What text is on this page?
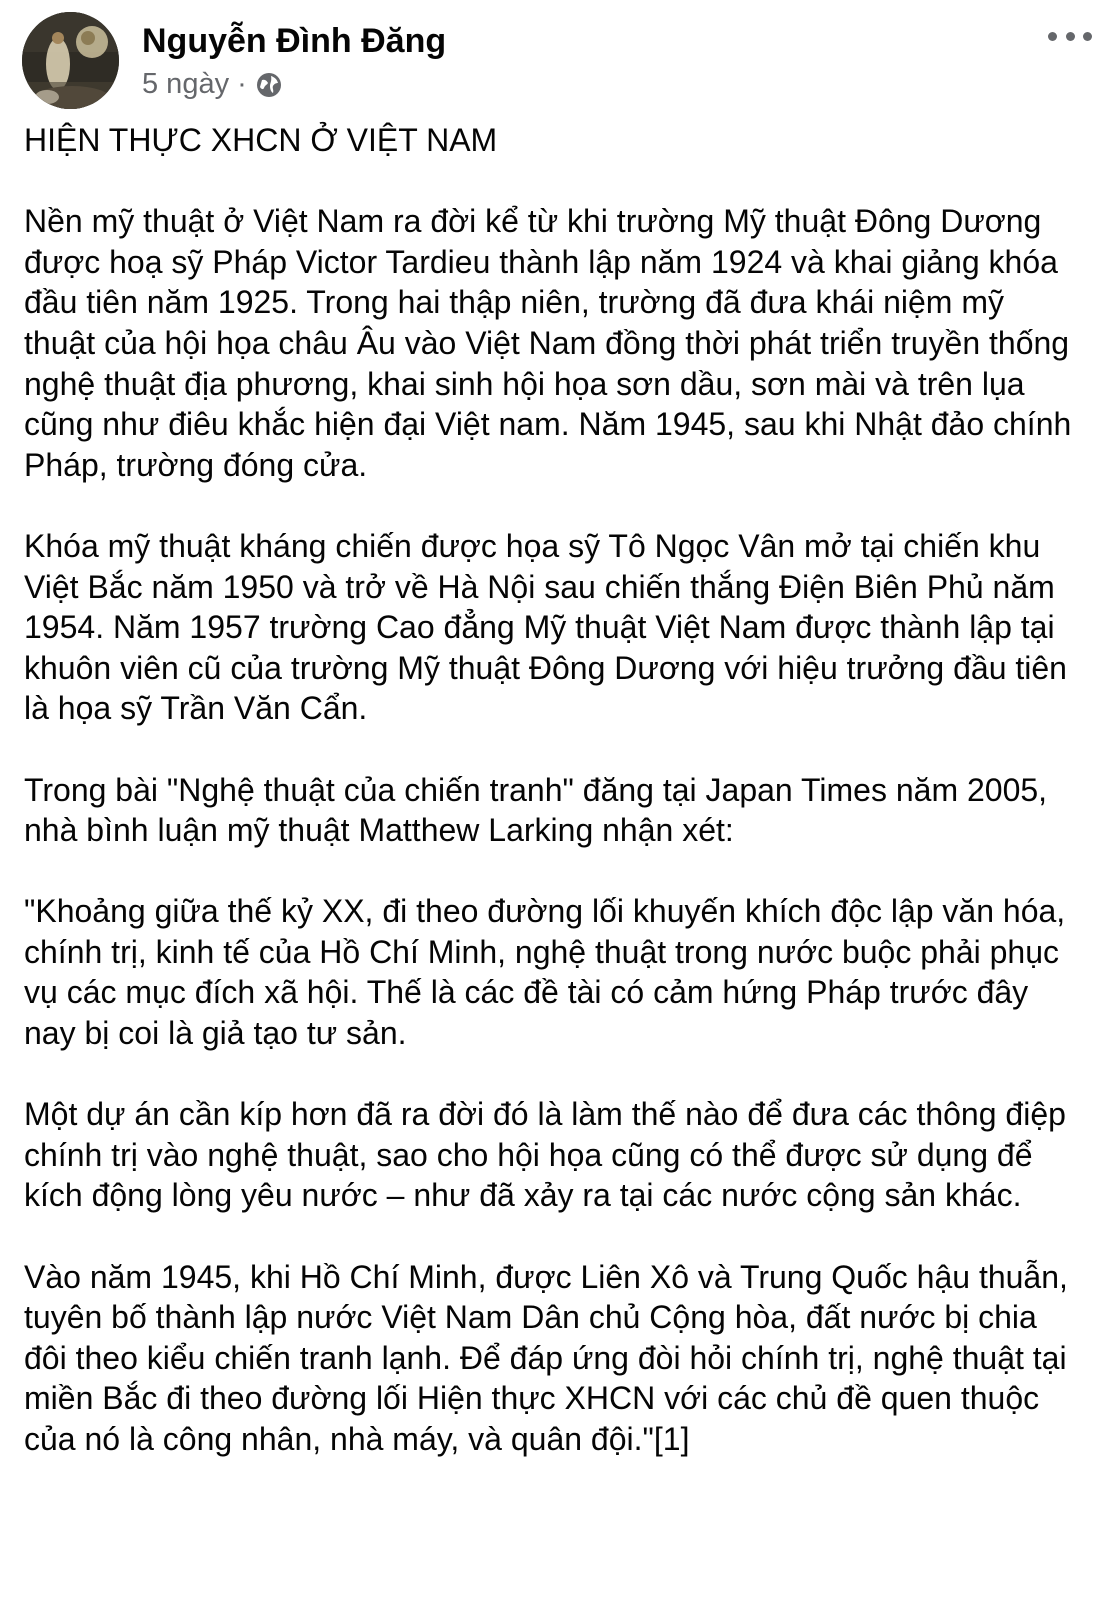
Nguyễn Đình Đăng
5 ngày ·

HIỆN THỰC XHCN Ở VIỆT NAM

Nền mỹ thuật ở Việt Nam ra đời kể từ khi trường Mỹ thuật Đông Dương được hoạ sỹ Pháp Victor Tardieu thành lập năm 1924 và khai giảng khóa đầu tiên năm 1925. Trong hai thập niên, trường đã đưa khái niệm mỹ thuật của hội họa châu Âu vào Việt Nam đồng thời phát triển truyền thống nghệ thuật địa phương, khai sinh hội họa sơn dầu, sơn mài và trên lụa cũng như điêu khắc hiện đại Việt nam. Năm 1945, sau khi Nhật đảo chính Pháp, trường đóng cửa.

Khóa mỹ thuật kháng chiến được họa sỹ Tô Ngọc Vân mở tại chiến khu Việt Bắc năm 1950 và trở về Hà Nội sau chiến thắng Điện Biên Phủ năm 1954. Năm 1957 trường Cao đẳng Mỹ thuật Việt Nam được thành lập tại khuôn viên cũ của trường Mỹ thuật Đông Dương với hiệu trưởng đầu tiên là họa sỹ Trần Văn Cẩn.

Trong bài "Nghệ thuật của chiến tranh" đăng tại Japan Times năm 2005, nhà bình luận mỹ thuật Matthew Larking nhận xét:

"Khoảng giữa thế kỷ XX, đi theo đường lối khuyến khích độc lập văn hóa, chính trị, kinh tế của Hồ Chí Minh, nghệ thuật trong nước buộc phải phục vụ các mục đích xã hội. Thế là các đề tài có cảm hứng Pháp trước đây nay bị coi là giả tạo tư sản.

Một dự án cần kíp hơn đã ra đời đó là làm thế nào để đưa các thông điệp chính trị vào nghệ thuật, sao cho hội họa cũng có thể được sử dụng để kích động lòng yêu nước – như đã xảy ra tại các nước cộng sản khác.

Vào năm 1945, khi Hồ Chí Minh, được Liên Xô và Trung Quốc hậu thuẫn, tuyên bố thành lập nước Việt Nam Dân chủ Cộng hòa, đất nước bị chia đôi theo kiểu chiến tranh lạnh. Để đáp ứng đòi hỏi chính trị, nghệ thuật tại miền Bắc đi theo đường lối Hiện thực XHCN với các chủ đề quen thuộc của nó là công nhân, nhà máy, và quân đội."[1]
